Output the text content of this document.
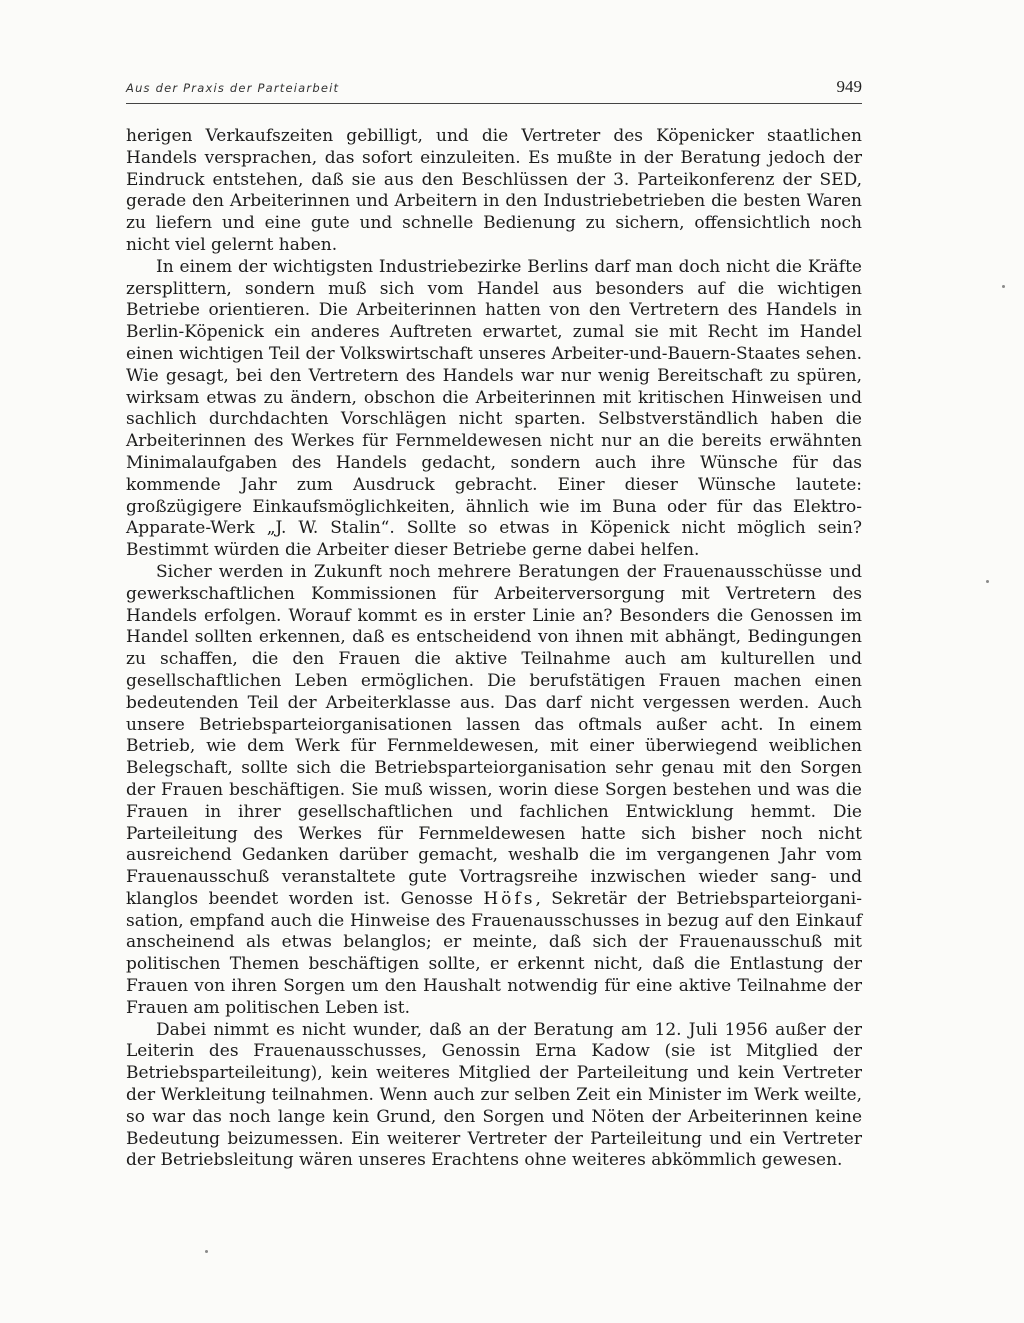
Aus der Praxis der Parteiarbeit	949

herigen Verkaufszeiten gebilligt, und die Vertreter des Köpenicker staatlichen Handels versprachen, das sofort einzuleiten. Es mußte in der Beratung jedoch der Eindruck entstehen, daß sie aus den Beschlüssen der 3. Parteikonferenz der SED, gerade den Arbeiterinnen und Arbeitern in den Industriebetrieben die besten Waren zu liefern und eine gute und schnelle Bedienung zu sichern, offensichtlich noch nicht viel gelernt haben.

In einem der wichtigsten Industriebezirke Berlins darf man doch nicht die Kräfte zersplittern, sondern muß sich vom Handel aus besonders auf die wichtigen Betriebe orientieren. Die Arbeiterinnen hatten von den Vertretern des Handels in Berlin-Köpenick ein anderes Auftreten erwartet, zumal sie mit Recht im Handel einen wichtigen Teil der Volkswirtschaft unseres Arbeiter-und-Bauern-Staates sehen. Wie gesagt, bei den Vertretern des Handels war nur wenig Bereitschaft zu spüren, wirksam etwas zu ändern, obschon die Arbeiterinnen mit kritischen Hinweisen und sachlich durchdachten Vorschlägen nicht sparten. Selbstverständlich haben die Arbeiterinnen des Werkes für Fernmeldewesen nicht nur an die bereits erwähnten Minimalaufgaben des Handels gedacht, sondern auch ihre Wünsche für das kommende Jahr zum Ausdruck gebracht. Einer dieser Wünsche lautete: großzügigere Einkaufsmöglichkeiten, ähnlich wie im Buna oder für das Elektro-Apparate-Werk „J. W. Stalin“. Sollte so etwas in Köpenick nicht möglich sein? Bestimmt würden die Arbeiter dieser Betriebe gerne dabei helfen.

Sicher werden in Zukunft noch mehrere Beratungen der Frauenausschüsse und gewerkschaftlichen Kommissionen für Arbeiterversorgung mit Vertretern des Handels erfolgen. Worauf kommt es in erster Linie an? Besonders die Genossen im Handel sollten erkennen, daß es entscheidend von ihnen mit abhängt, Bedingungen zu schaffen, die den Frauen die aktive Teilnahme auch am kulturellen und gesellschaftlichen Leben ermöglichen. Die berufstätigen Frauen machen einen bedeutenden Teil der Arbeiterklasse aus. Das darf nicht vergessen werden. Auch unsere Betriebsparteiorganisationen lassen das oftmals außer acht. In einem Betrieb, wie dem Werk für Fernmeldewesen, mit einer überwiegend weiblichen Belegschaft, sollte sich die Betriebsparteiorganisation sehr genau mit den Sorgen der Frauen beschäftigen. Sie muß wissen, worin diese Sorgen bestehen und was die Frauen in ihrer gesellschaftlichen und fachlichen Entwicklung hemmt. Die Parteileitung des Werkes für Fernmeldewesen hatte sich bisher noch nicht ausreichend Gedanken darüber gemacht, weshalb die im vergangenen Jahr vom Frauenausschuß veranstaltete gute Vortragsreihe inzwischen wieder sang- und klanglos beendet worden ist. Genosse Höfs, Sekretär der Betriebsparteiorganisation, empfand auch die Hinweise des Frauenausschusses in bezug auf den Einkauf anscheinend als etwas belanglos; er meinte, daß sich der Frauenausschuß mit politischen Themen beschäftigen sollte, er erkennt nicht, daß die Entlastung der Frauen von ihren Sorgen um den Haushalt notwendig für eine aktive Teilnahme der Frauen am politischen Leben ist.

Dabei nimmt es nicht wunder, daß an der Beratung am 12. Juli 1956 außer der Leiterin des Frauenausschusses, Genossin Erna Kadow (sie ist Mitglied der Betriebsparteileitung), kein weiteres Mitglied der Parteileitung und kein Vertreter der Werkleitung teilnahmen. Wenn auch zur selben Zeit ein Minister im Werk weilte, so war das noch lange kein Grund, den Sorgen und Nöten der Arbeiterinnen keine Bedeutung beizumessen. Ein weiterer Vertreter der Parteileitung und ein Vertreter der Betriebsleitung wären unseres Erachtens ohne weiteres abkömmlich gewesen.
